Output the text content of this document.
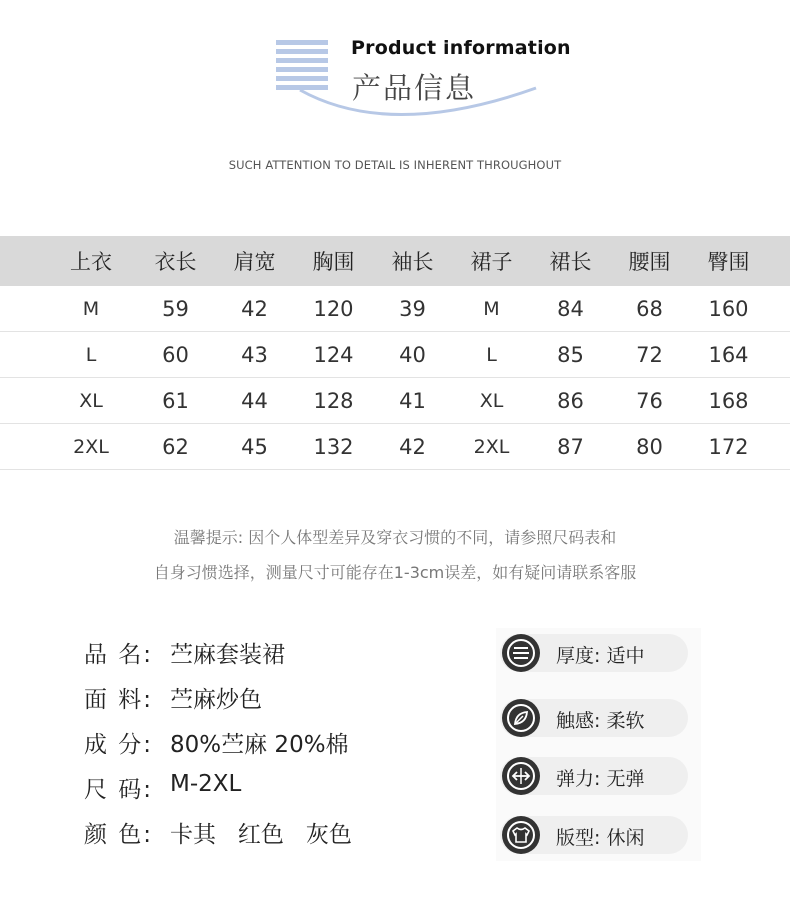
Product information
产品信息
SUCH ATTENTION TO DETAIL IS INHERENT THROUGHOUT
上衣	衣长	肩宽	胸围	袖长	裙子	裙长	腰围	臀围
M	59	42	120	39	M	84	68	160
L	60	43	124	40	L	85	72	164
XL	61	44	128	41	XL	86	76	168
2XL	62	45	132	42	2XL	87	80	172
温馨提示: 因个人体型差异及穿衣习惯的不同，请参照尺码表和
自身习惯选择，测量尺寸可能存在1-3cm误差，如有疑问请联系客服
品 名: 苎麻套装裙
面 料: 苎麻炒色
成 分: 80%苎麻 20%棉
尺 码: M-2XL
颜 色: 卡其   红色   灰色
厚度: 适中
触感: 柔软
弹力: 无弹
版型: 休闲
